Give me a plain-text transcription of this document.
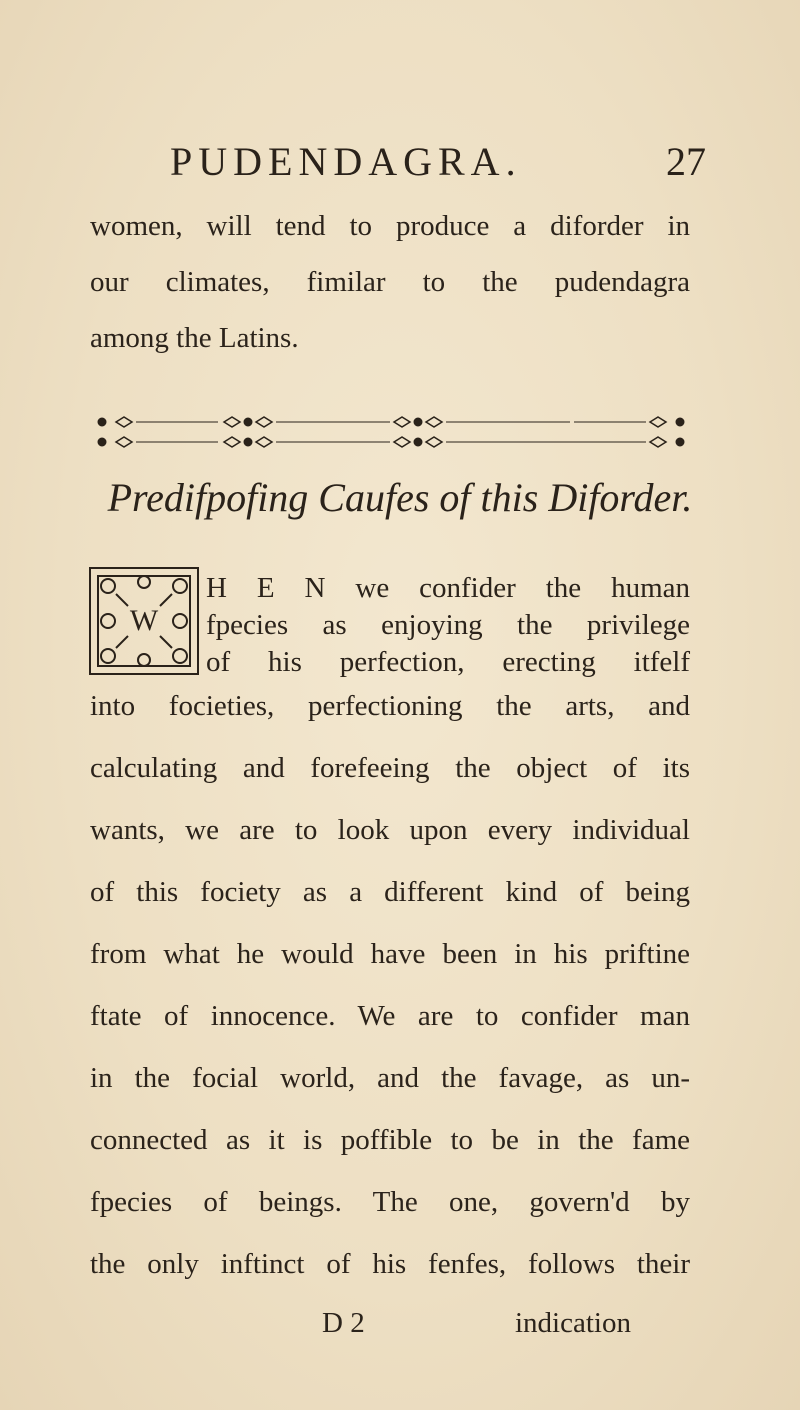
PUDENDAGRA.	27
women, will tend to produce a diforder in
our climates, fimilar to the pudendagra
among the Latins.
Predifpofing Caufes of this Diforder.
W
H E N we confider the human
fpecies as enjoying the privilege
of his perfection, erecting itfelf
into focieties, perfectioning the arts, and
calculating and forefeeing the object of its
wants, we are to look upon every individual
of this fociety as a different kind of being
from what he would have been in his priftine
ftate of innocence. We are to confider man
in the focial world, and the favage, as un-
connected as it is poffible to be in the fame
fpecies of beings. The one, govern'd by
the only inftinct of his fenfes, follows their
D 2	indication
